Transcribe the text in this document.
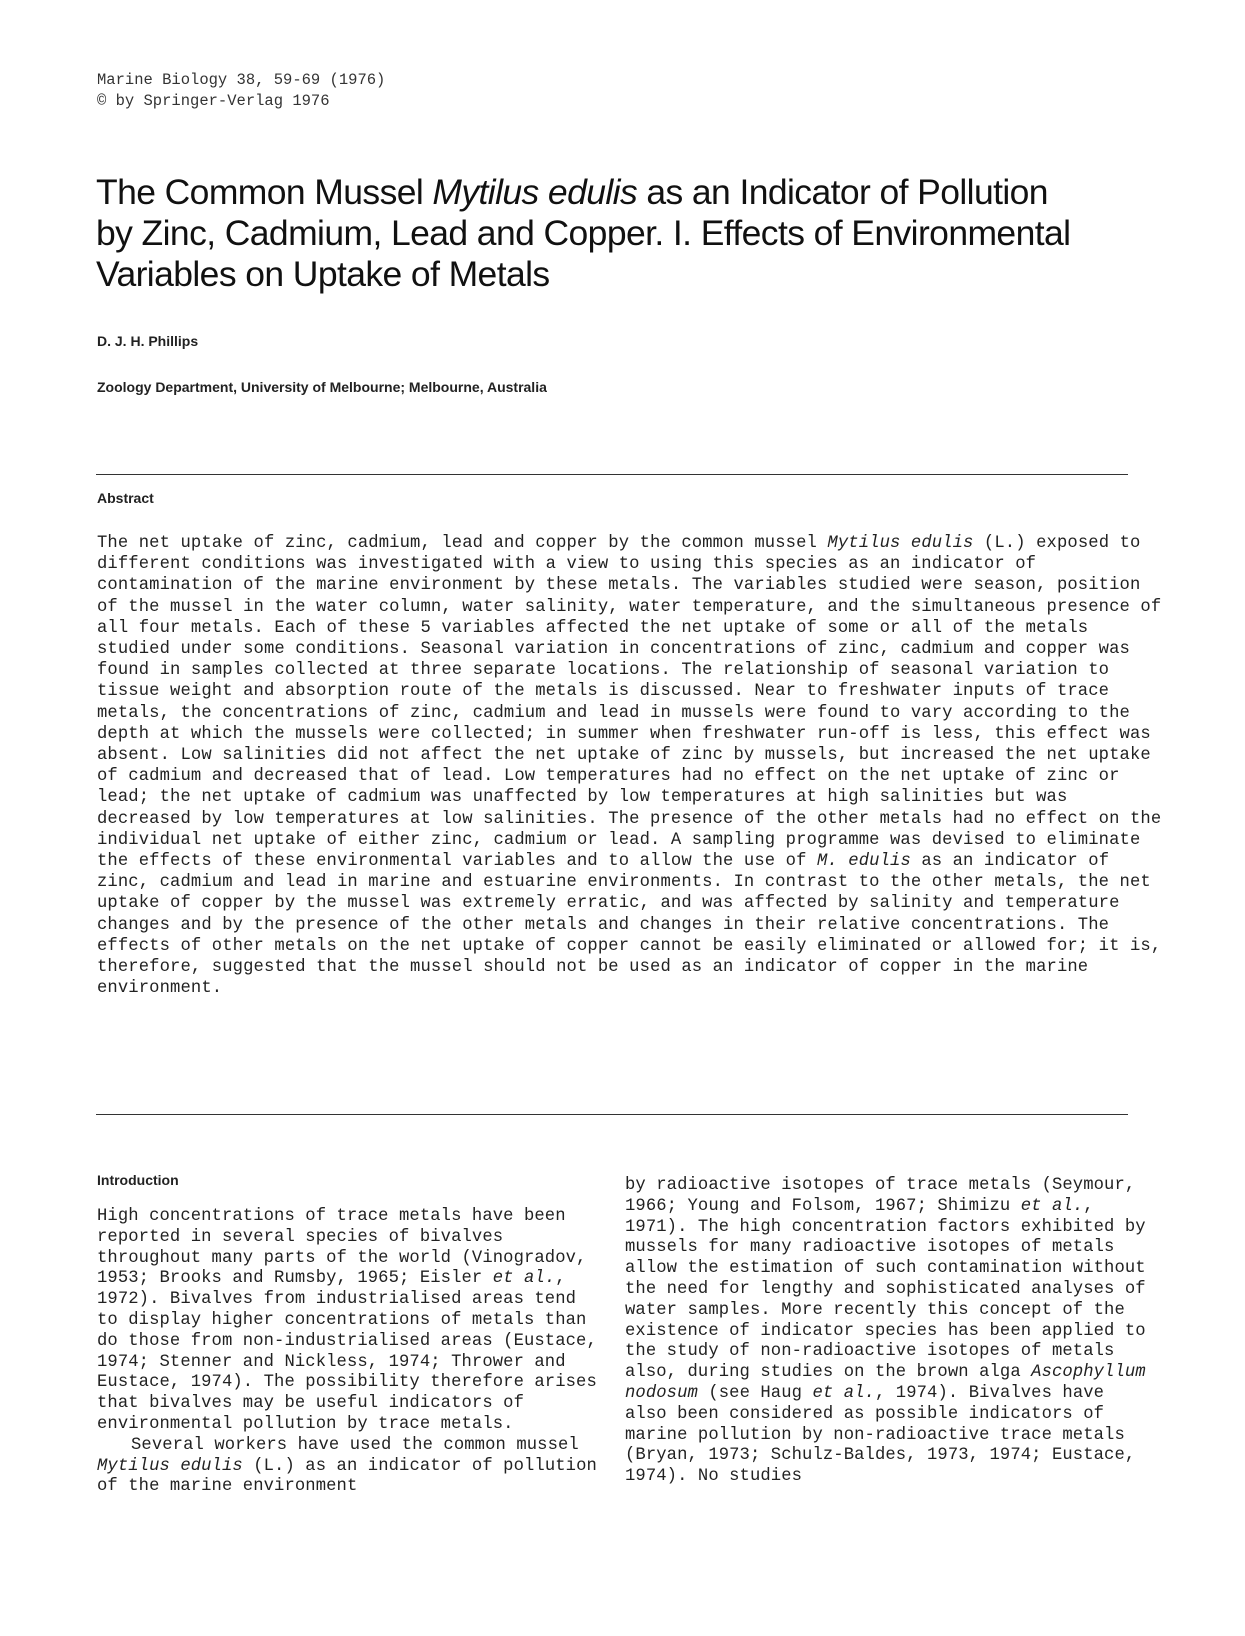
Marine Biology 38, 59-69 (1976)
© by Springer-Verlag 1976
The Common Mussel Mytilus edulis as an Indicator of Pollution
by Zinc, Cadmium, Lead and Copper. I. Effects of Environmental
Variables on Uptake of Metals
D. J. H. Phillips
Zoology Department, University of Melbourne; Melbourne, Australia
Abstract

The net uptake of zinc, cadmium, lead and copper by the common mussel Mytilus edulis (L.) exposed to different conditions was investigated with a view to using this species as an indicator of contamination of the marine environment by these metals. The variables studied were season, position of the mussel in the water column, water salinity, water temperature, and the simultaneous presence of all four metals. Each of these 5 variables affected the net uptake of some or all of the metals studied under some conditions. Seasonal variation in concentrations of zinc, cadmium and copper was found in samples collected at three separate locations. The relationship of seasonal variation to tissue weight and absorption route of the metals is discussed. Near to freshwater inputs of trace metals, the concentrations of zinc, cadmium and lead in mussels were found to vary according to the depth at which the mussels were collected; in summer when freshwater run-off is less, this effect was absent. Low salinities did not affect the net uptake of zinc by mussels, but increased the net uptake of cadmium and decreased that of lead. Low temperatures had no effect on the net uptake of zinc or lead; the net uptake of cadmium was unaffected by low temperatures at high salinities but was decreased by low temperatures at low salinities. The presence of the other metals had no effect on the individual net uptake of either zinc, cadmium or lead. A sampling programme was devised to eliminate the effects of these environmental variables and to allow the use of M. edulis as an indicator of zinc, cadmium and lead in marine and estuarine environments. In contrast to the other metals, the net uptake of copper by the mussel was extremely erratic, and was affected by salinity and temperature changes and by the presence of the other metals and changes in their relative concentrations. The effects of other metals on the net uptake of copper cannot be easily eliminated or allowed for; it is, therefore, suggested that the mussel should not be used as an indicator of copper in the marine environment.

Introduction

High concentrations of trace metals have been reported in several species of bivalves throughout many parts of the world (Vinogradov, 1953; Brooks and Rumsby, 1965; Eisler et al., 1972). Bivalves from industrialised areas tend to display higher concentrations of metals than do those from non-industrialised areas (Eustace, 1974; Stenner and Nickless, 1974; Thrower and Eustace, 1974). The possibility therefore arises that bivalves may be useful indicators of environmental pollution by trace metals.
Several workers have used the common mussel Mytilus edulis (L.) as an indicator of pollution of the marine environment

by radioactive isotopes of trace metals (Seymour, 1966; Young and Folsom, 1967; Shimizu et al., 1971). The high concentration factors exhibited by mussels for many radioactive isotopes of metals allow the estimation of such contamination without the need for lengthy and sophisticated analyses of water samples. More recently this concept of the existence of indicator species has been applied to the study of non-radioactive isotopes of metals also, during studies on the brown alga Ascophyllum nodosum (see Haug et al., 1974). Bivalves have also been considered as possible indicators of marine pollution by non-radioactive trace metals (Bryan, 1973; Schulz-Baldes, 1973, 1974; Eustace, 1974). No studies
